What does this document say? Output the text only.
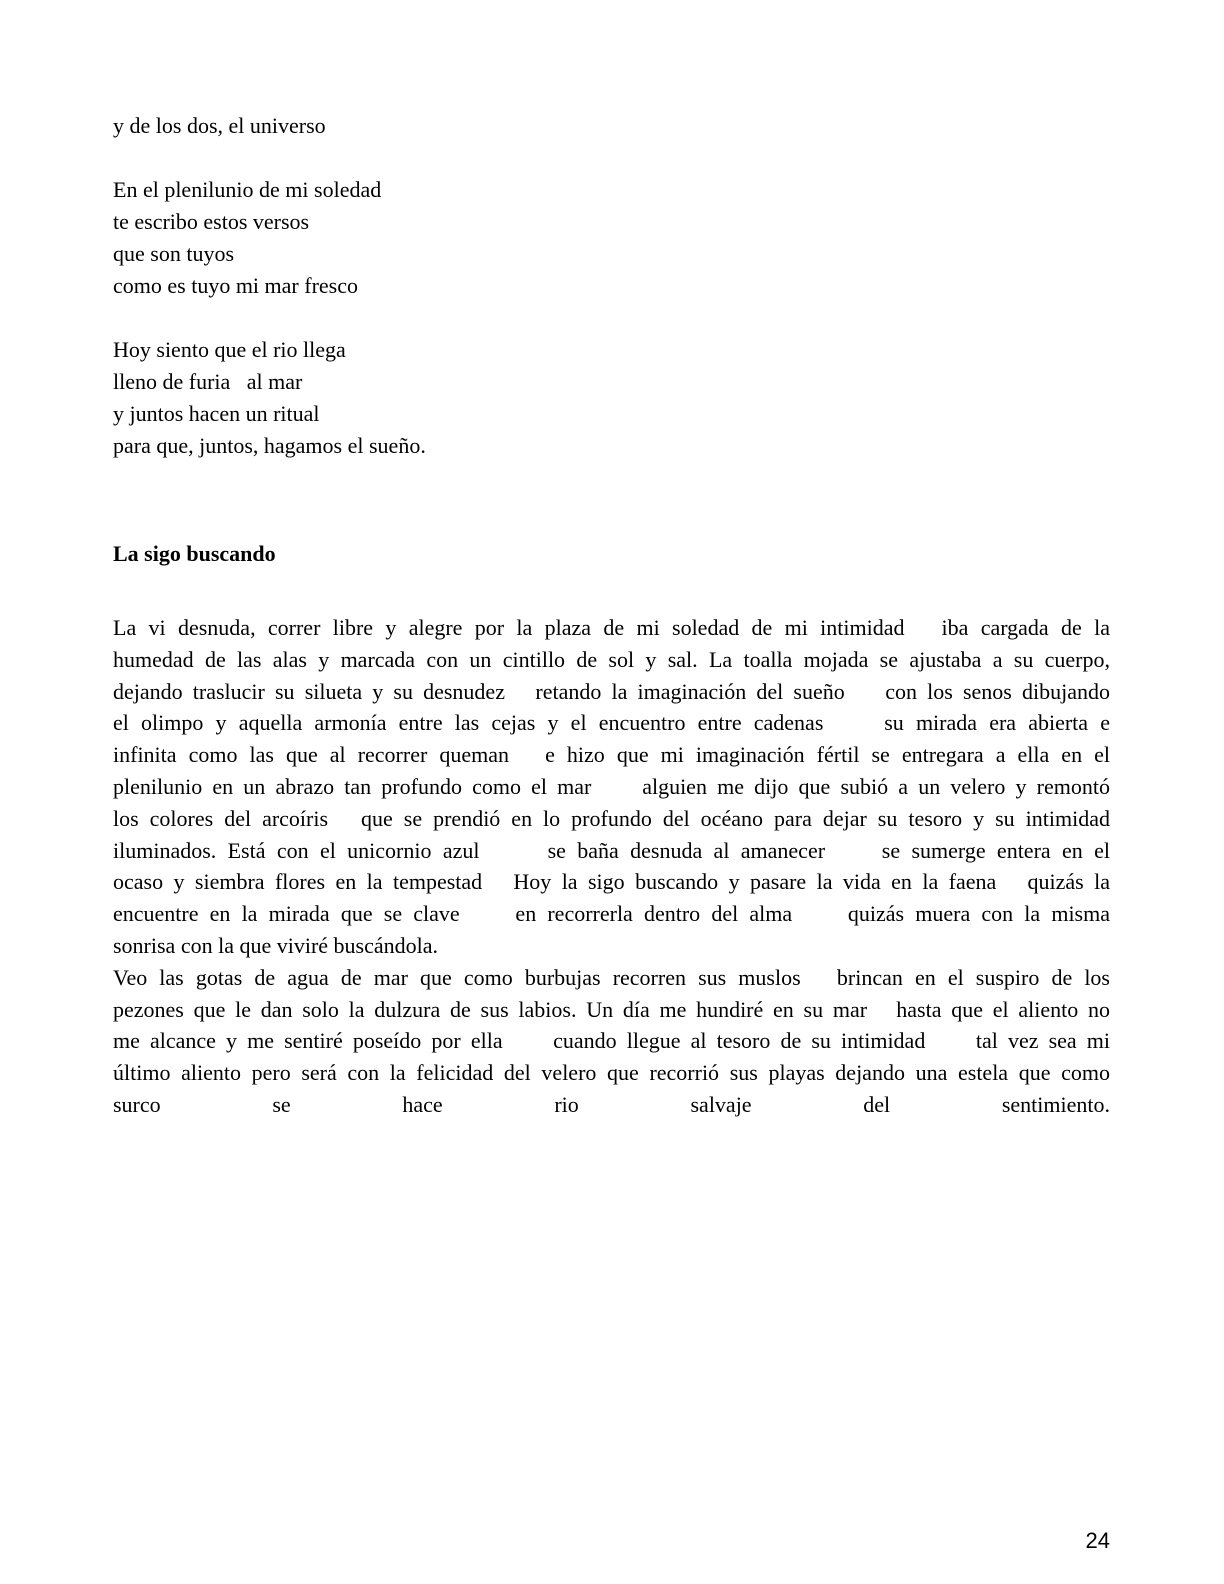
y de los dos, el universo
En el plenilunio de mi soledad
te escribo estos versos
que son tuyos
como es tuyo mi mar fresco
Hoy siento que el rio llega
lleno de furia   al mar
y juntos hacen un ritual
para que, juntos, hagamos el sueño.
La sigo buscando
La vi desnuda, correr libre y alegre por la plaza de mi soledad de mi intimidad   iba cargada de la
humedad de las alas y marcada con un cintillo de sol y sal. La toalla mojada se ajustaba a su cuerpo,
dejando traslucir su silueta y su desnudez   retando la imaginación del sueño    con los senos dibujando
el olimpo y aquella armonía entre las cejas y el encuentro entre cadenas     su mirada era abierta e
infinita como las que al recorrer queman   e hizo que mi imaginación fértil se entregara a ella en el
plenilunio en un abrazo tan profundo como el mar     alguien me dijo que subió a un velero y remontó
los colores del arcoíris   que se prendió en lo profundo del océano para dejar su tesoro y su intimidad
iluminados. Está con el unicornio azul      se baña desnuda al amanecer     se sumerge entera en el
ocaso y siembra flores en la tempestad   Hoy la sigo buscando y pasare la vida en la faena   quizás la
encuentre en la mirada que se clave     en recorrerla dentro del alma     quizás muera con la misma
sonrisa con la que viviré buscándola.
Veo las gotas de agua de mar que como burbujas recorren sus muslos   brincan en el suspiro de los
pezones que le dan solo la dulzura de sus labios. Un día me hundiré en su mar   hasta que el aliento no
me alcance y me sentiré poseído por ella     cuando llegue al tesoro de su intimidad     tal vez sea mi
último aliento pero será con la felicidad del velero que recorrió sus playas dejando una estela que como
surco se hace rio salvaje del sentimiento.
24
